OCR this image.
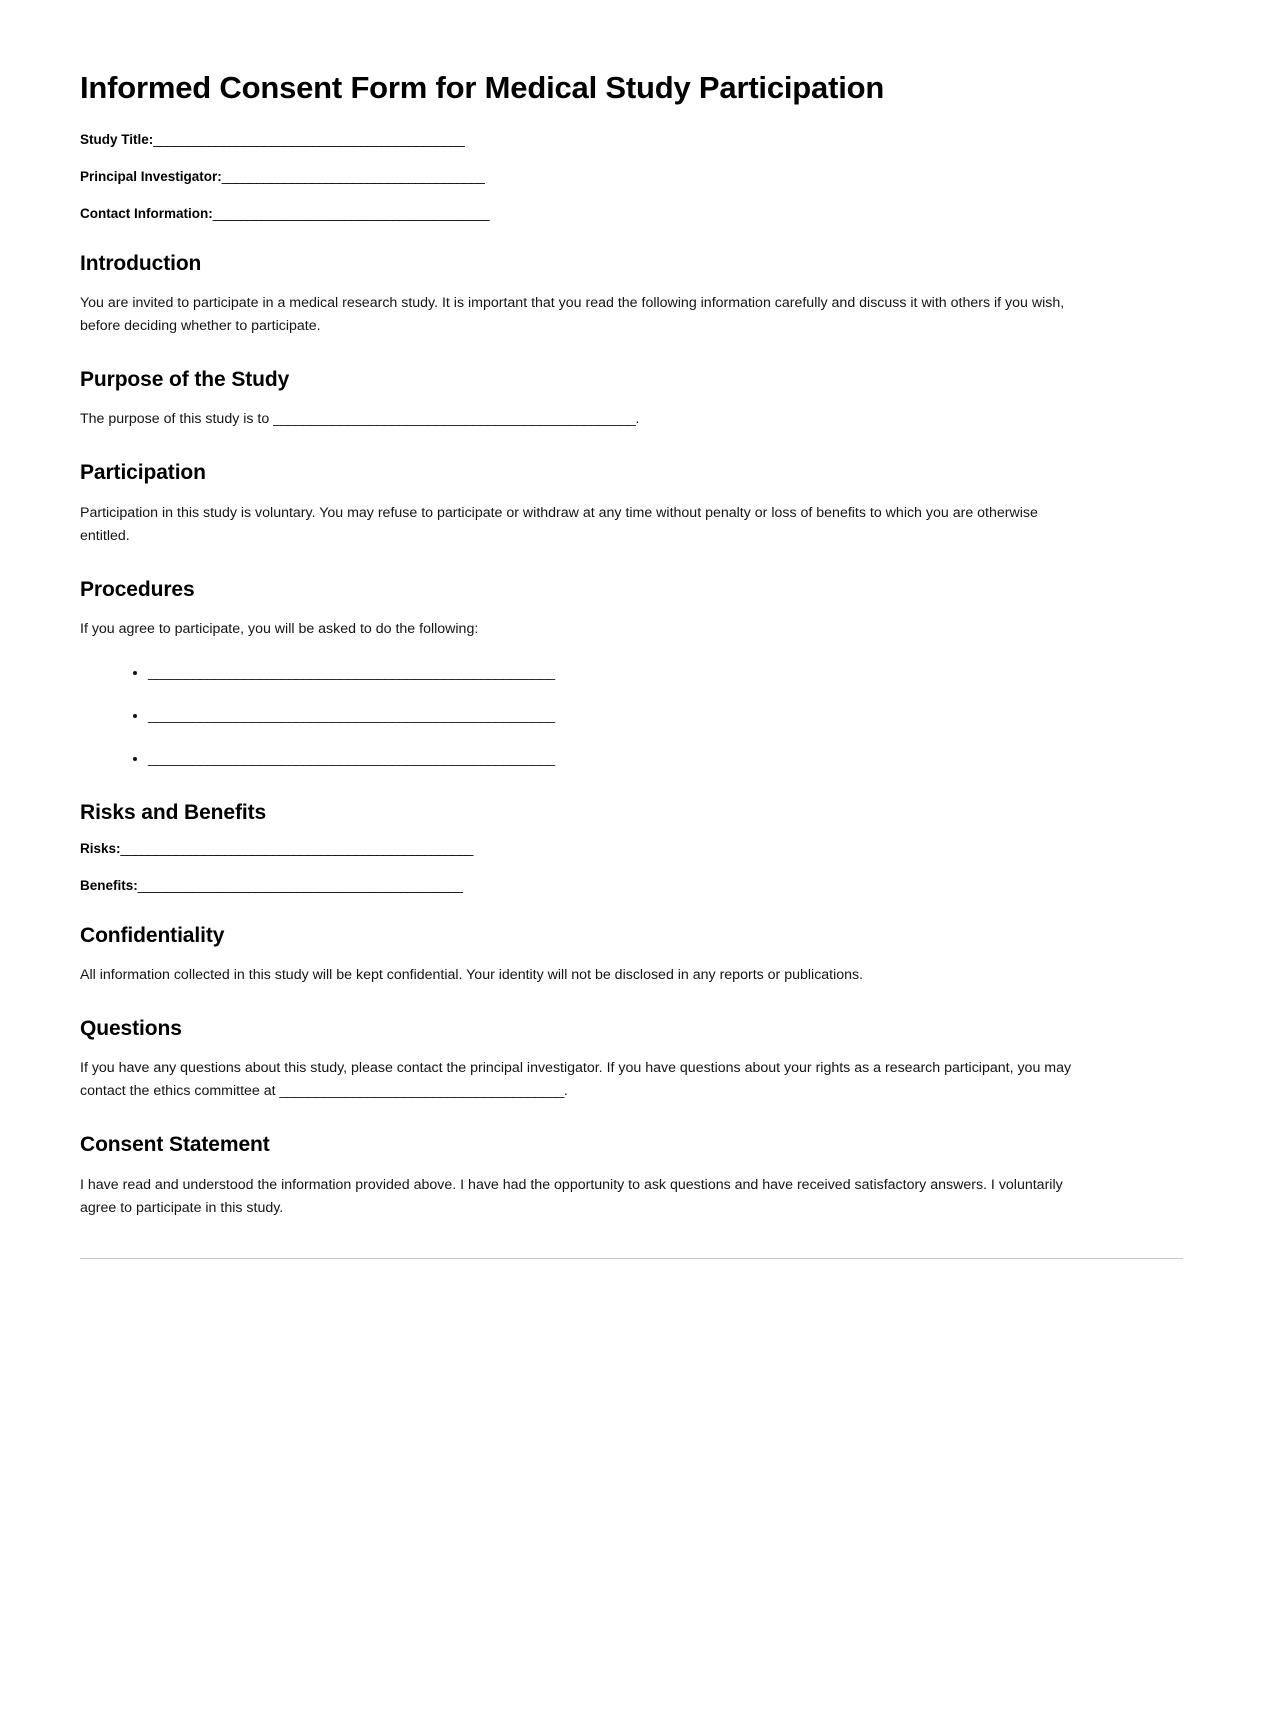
Informed Consent Form for Medical Study Participation
Study Title:_____________________________________________
Principal Investigator:______________________________________
Contact Information:________________________________________
Introduction

You are invited to participate in a medical research study. It is important that you read the following information carefully and discuss it with others if you wish, before deciding whether to participate.

Purpose of the Study

The purpose of this study is to _________________________________________________.

Participation

Participation in this study is voluntary. You may refuse to participate or withdraw at any time without penalty or loss of benefits to which you are otherwise entitled.

Procedures

If you agree to participate, you will be asked to do the following:

• _______________________________________________________
• _______________________________________________________
• _______________________________________________________
Risks and Benefits
Risks:___________________________________________________
Benefits:_______________________________________________
Confidentiality

All information collected in this study will be kept confidential. Your identity will not be disclosed in any reports or publications.

Questions

If you have any questions about this study, please contact the principal investigator. If you have questions about your rights as a research participant, you may contact the ethics committee at _______________________________________.

Consent Statement

I have read and understood the information provided above. I have had the opportunity to ask questions and have received satisfactory answers. I voluntarily agree to participate in this study.
